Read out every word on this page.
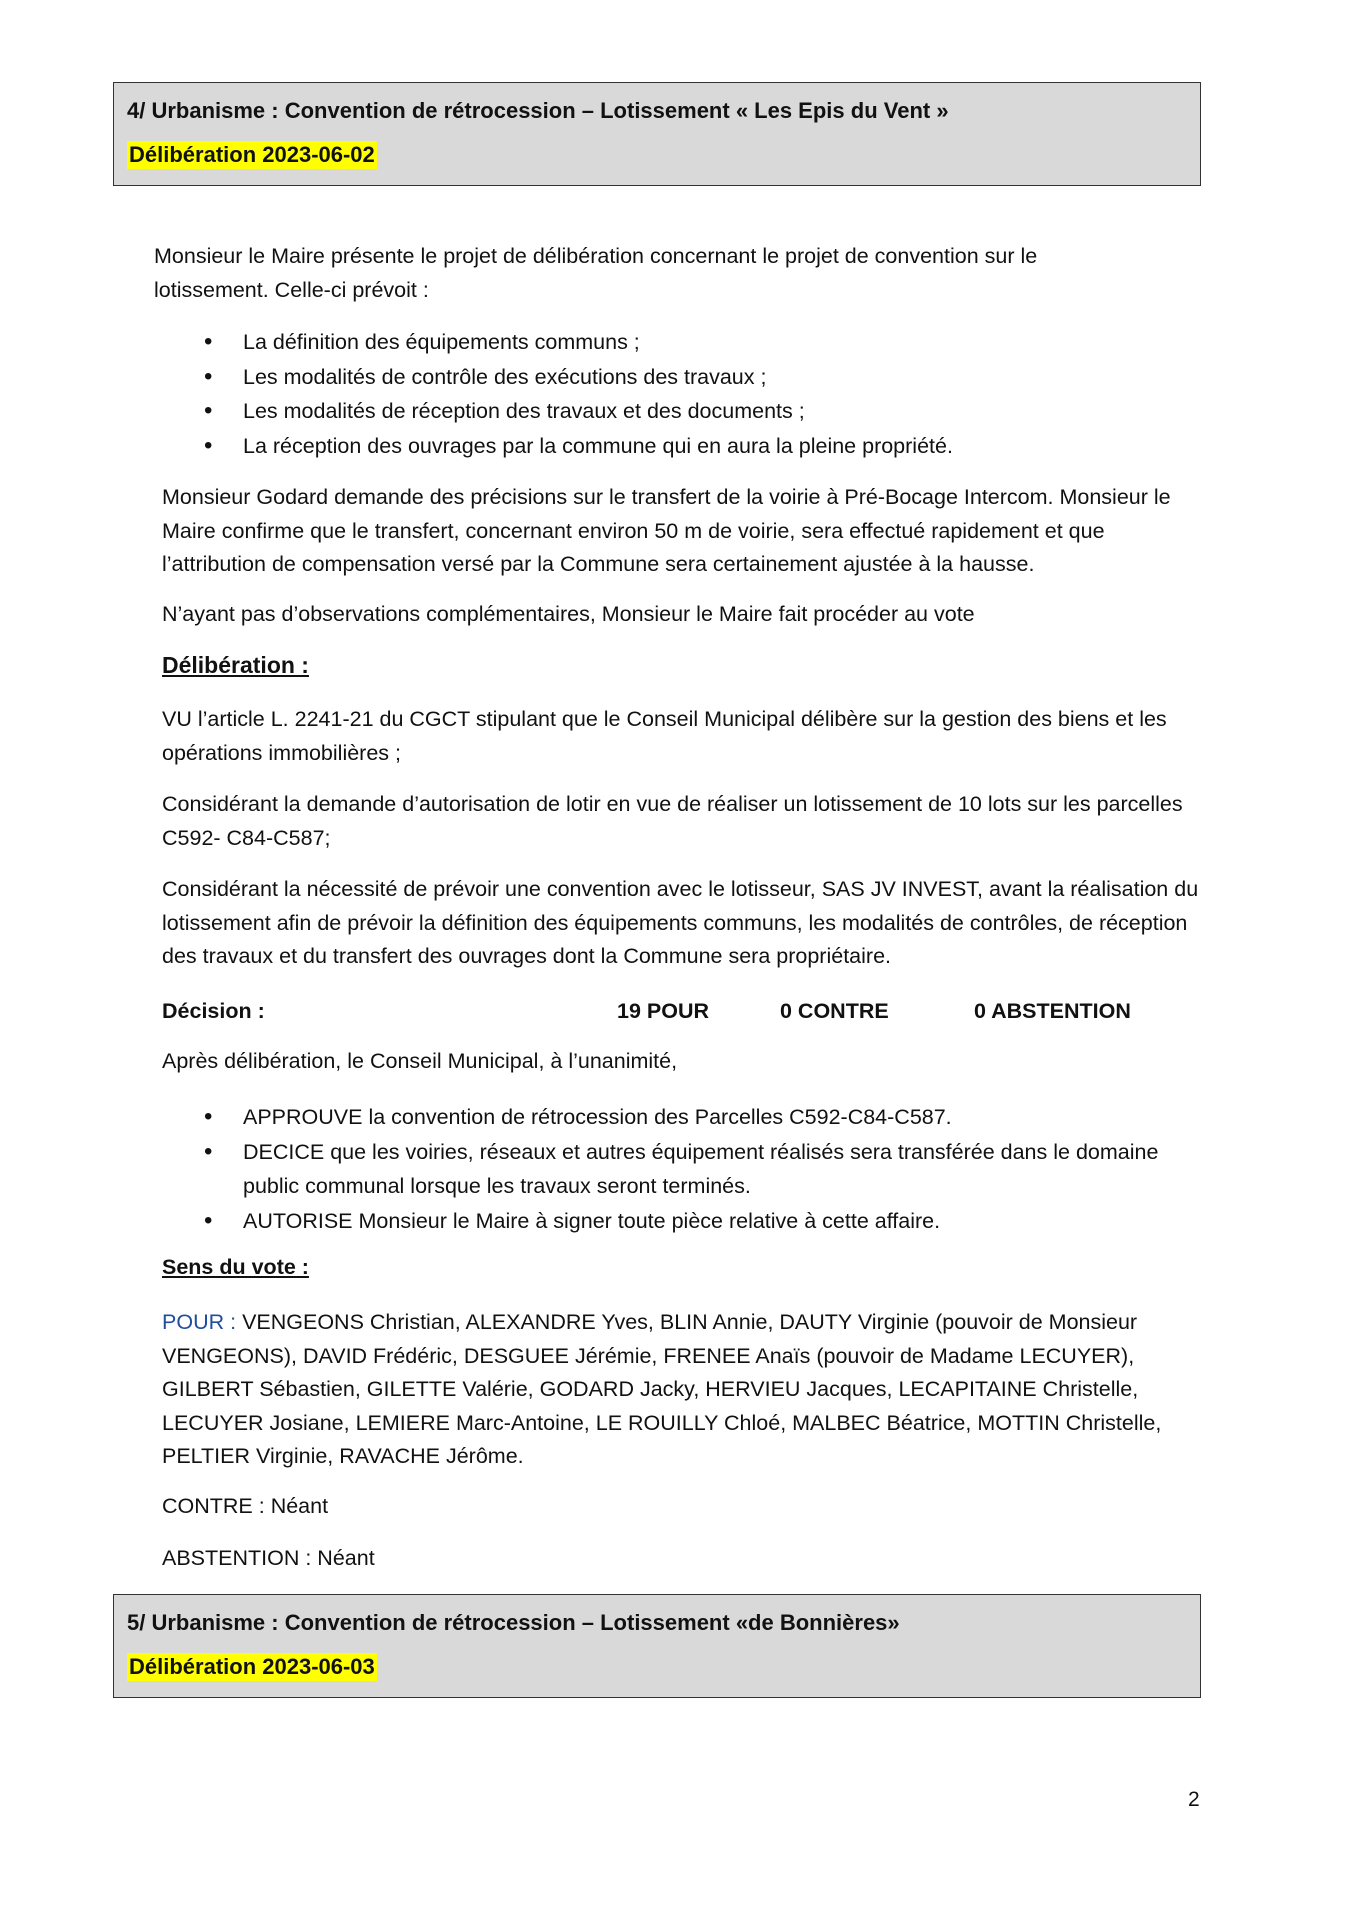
4/ Urbanisme : Convention de rétrocession – Lotissement « Les Epis du Vent »
Délibération 2023-06-02

Monsieur le Maire présente le projet de délibération concernant le projet de convention sur le lotissement. Celle-ci prévoit :

• La définition des équipements communs ;
• Les modalités de contrôle des exécutions des travaux ;
• Les modalités de réception des travaux et des documents ;
• La réception des ouvrages par la commune qui en aura la pleine propriété.

Monsieur Godard demande des précisions sur le transfert de la voirie à Pré-Bocage Intercom. Monsieur le Maire confirme que le transfert, concernant environ 50 m de voirie, sera effectué rapidement et que l’attribution de compensation versé par la Commune sera certainement ajustée à la hausse.

N’ayant pas d’observations complémentaires, Monsieur le Maire fait procéder au vote

Délibération :

VU l’article L. 2241-21 du CGCT stipulant que le Conseil Municipal délibère sur la gestion des biens et les opérations immobilières ;

Considérant la demande d’autorisation de lotir en vue de réaliser un lotissement de 10 lots sur les parcelles C592- C84-C587;

Considérant la nécessité de prévoir une convention avec le lotisseur, SAS JV INVEST, avant la réalisation du lotissement afin de prévoir la définition des équipements communs, les modalités de contrôles, de réception des travaux et du transfert des ouvrages dont la Commune sera propriétaire.

Décision :	19 POUR	0 CONTRE	0 ABSTENTION

Après délibération, le Conseil Municipal, à l’unanimité,

• APPROUVE la convention de rétrocession des Parcelles C592-C84-C587.
• DECICE que les voiries, réseaux et autres équipement réalisés sera transférée dans le domaine public communal lorsque les travaux seront terminés.
• AUTORISE Monsieur le Maire à signer toute pièce relative à cette affaire.
Sens du vote :

POUR : VENGEONS Christian, ALEXANDRE Yves, BLIN Annie, DAUTY Virginie (pouvoir de Monsieur VENGEONS), DAVID Frédéric, DESGUEE Jérémie, FRENEE Anaïs (pouvoir de Madame LECUYER), GILBERT Sébastien, GILETTE Valérie, GODARD Jacky, HERVIEU Jacques, LECAPITAINE Christelle, LECUYER Josiane, LEMIERE Marc-Antoine, LE ROUILLY Chloé, MALBEC Béatrice, MOTTIN Christelle, PELTIER Virginie, RAVACHE Jérôme.

CONTRE : Néant

ABSTENTION : Néant

5/ Urbanisme : Convention de rétrocession – Lotissement «de Bonnières»
Délibération 2023-06-03
2
